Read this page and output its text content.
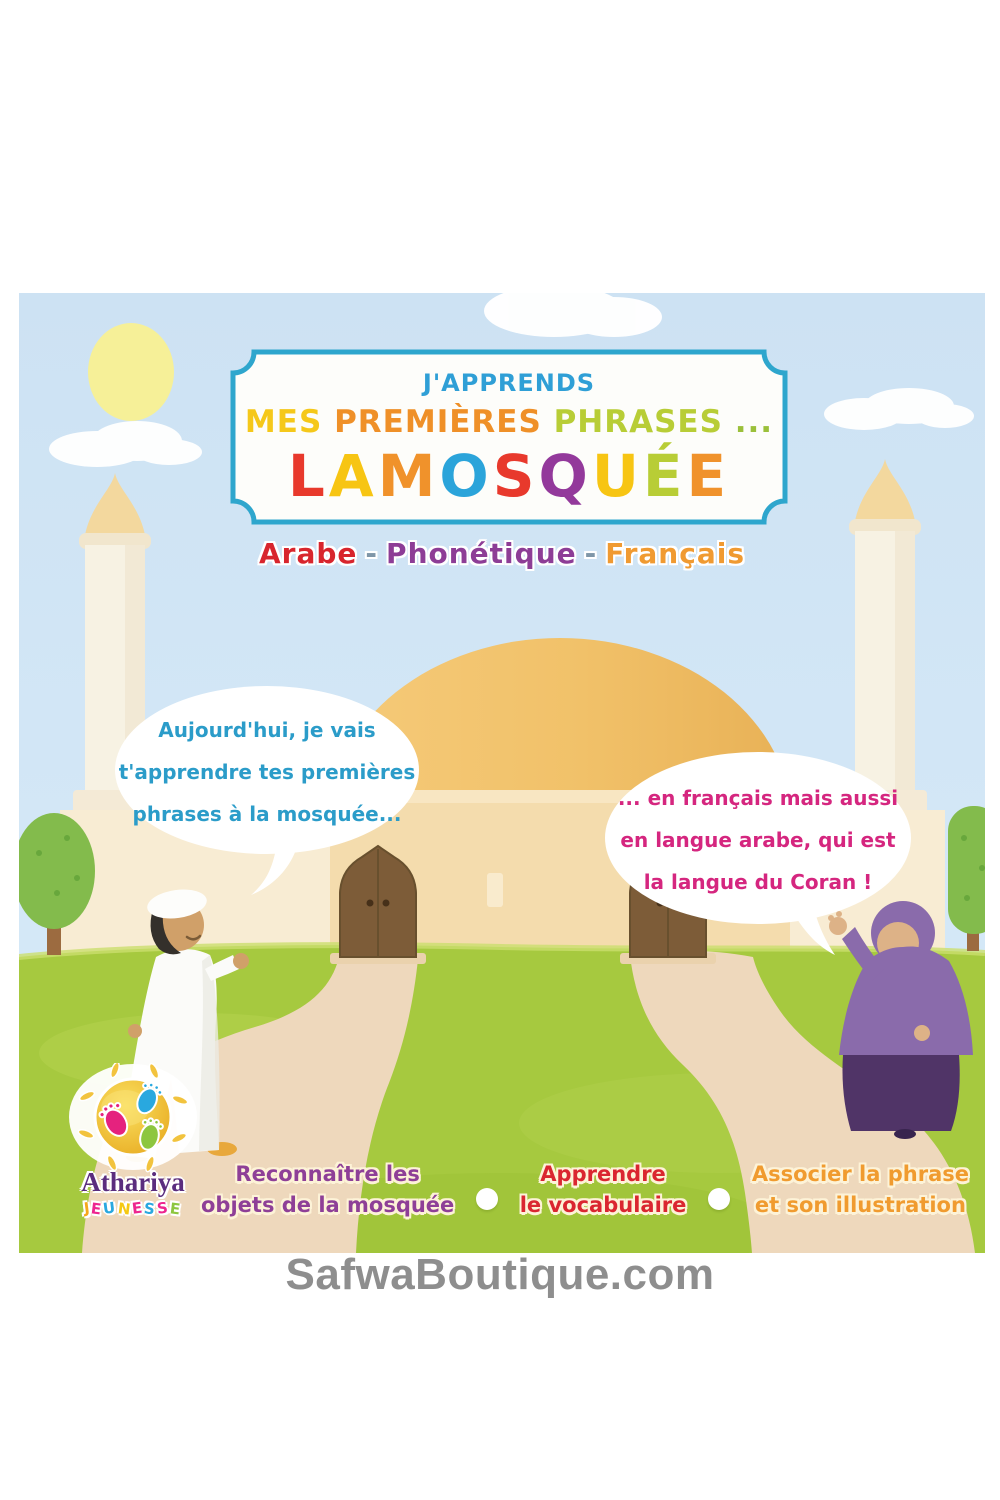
J'APPRENDS
MES PREMIÈRES PHRASES ...
LAMOSQUÉE
Arabe - Phonétique - Français
Aujourd'hui, je vais
t'apprendre tes premières
phrases à la mosquée...
... en français mais aussi
en langue arabe, qui est
la langue du Coran !
Reconnaître les
objets de la mosquée
Apprendre
le vocabulaire
Associer la phrase
et son illustration
Athariya
JEUNESSE
SafwaBoutique.com
